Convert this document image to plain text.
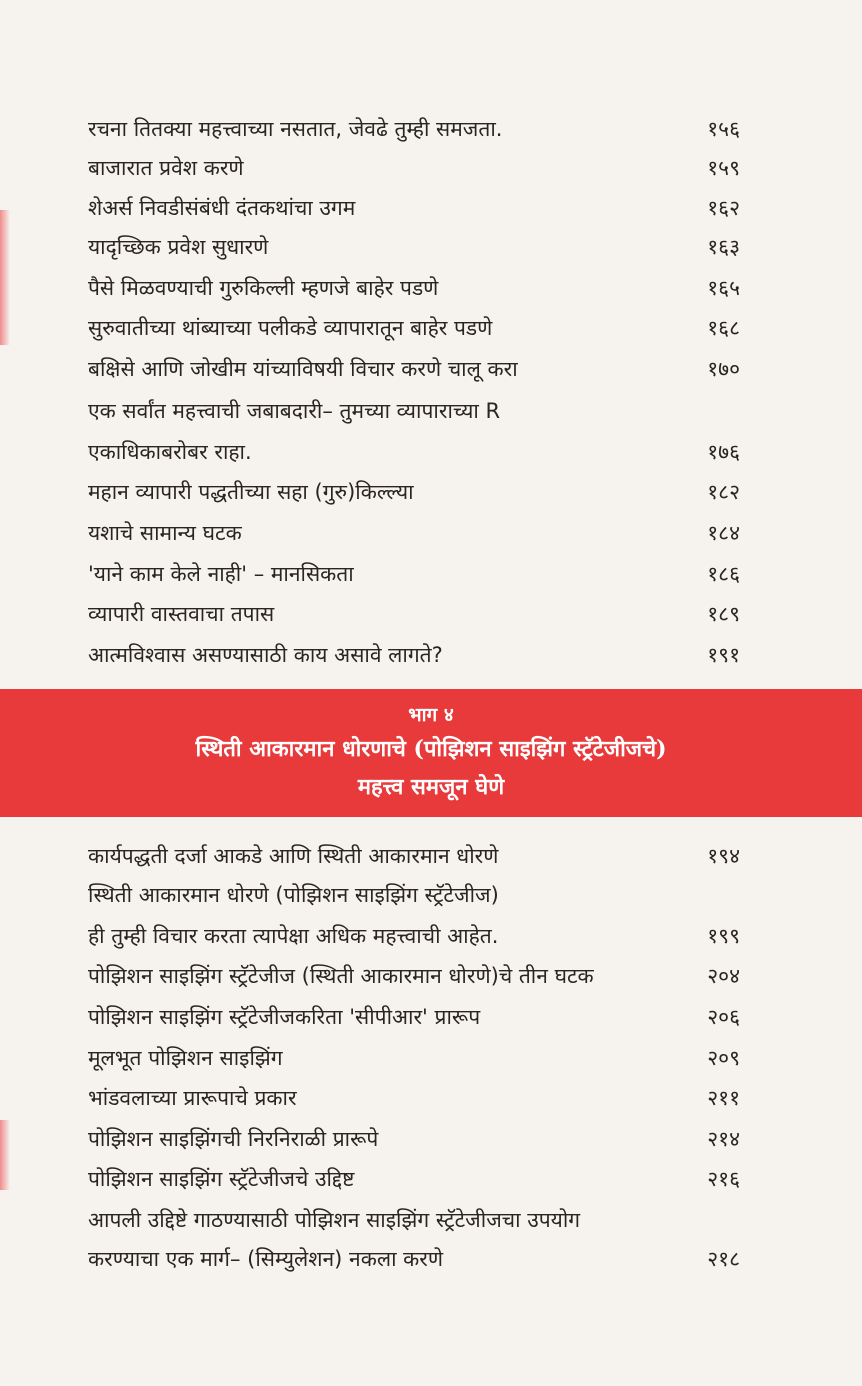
रचना तितक्या महत्त्वाच्या नसतात, जेवढे तुम्ही समजता.	१५६
बाजारात प्रवेश करणे	१५९
शेअर्स निवडीसंबंधी दंतकथांचा उगम	१६२
यादृच्छिक प्रवेश सुधारणे	१६३
पैसे मिळवण्याची गुरुकिल्ली म्हणजे बाहेर पडणे	१६५
सुरुवातीच्या थांब्याच्या पलीकडे व्यापारातून बाहेर पडणे	१६८
बक्षिसे आणि जोखीम यांच्याविषयी विचार करणे चालू करा	१७०
एक सर्वांत महत्त्वाची जबाबदारी– तुमच्या व्यापाराच्या R
एकाधिकाबरोबर राहा.	१७६
महान व्यापारी पद्धतीच्या सहा (गुरु)किल्ल्या	१८२
यशाचे सामान्य घटक	१८४
'याने काम केले नाही' – मानसिकता	१८६
व्यापारी वास्तवाचा तपास	१८९
आत्मविश्वास असण्यासाठी काय असावे लागते?	१९१
भाग ४
स्थिती आकारमान धोरणाचे (पोझिशन साइझिंग स्ट्रॅटेजीजचे)
महत्त्व समजून घेणे
कार्यपद्धती दर्जा आकडे आणि स्थिती आकारमान धोरणे	१९४
स्थिती आकारमान धोरणे (पोझिशन साइझिंग स्ट्रॅटेजीज)
ही तुम्ही विचार करता त्यापेक्षा अधिक महत्त्वाची आहेत.	१९९
पोझिशन साइझिंग स्ट्रॅटेजीज (स्थिती आकारमान धोरणे)चे तीन घटक	२०४
पोझिशन साइझिंग स्ट्रॅटेजीजकरिता 'सीपीआर' प्रारूप	२०६
मूलभूत पोझिशन साइझिंग	२०९
भांडवलाच्या प्रारूपाचे प्रकार	२११
पोझिशन साइझिंगची निरनिराळी प्रारूपे	२१४
पोझिशन साइझिंग स्ट्रॅटेजीजचे उद्दिष्ट	२१६
आपली उद्दिष्टे गाठण्यासाठी पोझिशन साइझिंग स्ट्रॅटेजीजचा उपयोग
करण्याचा एक मार्ग– (सिम्युलेशन) नकला करणे	२१८
